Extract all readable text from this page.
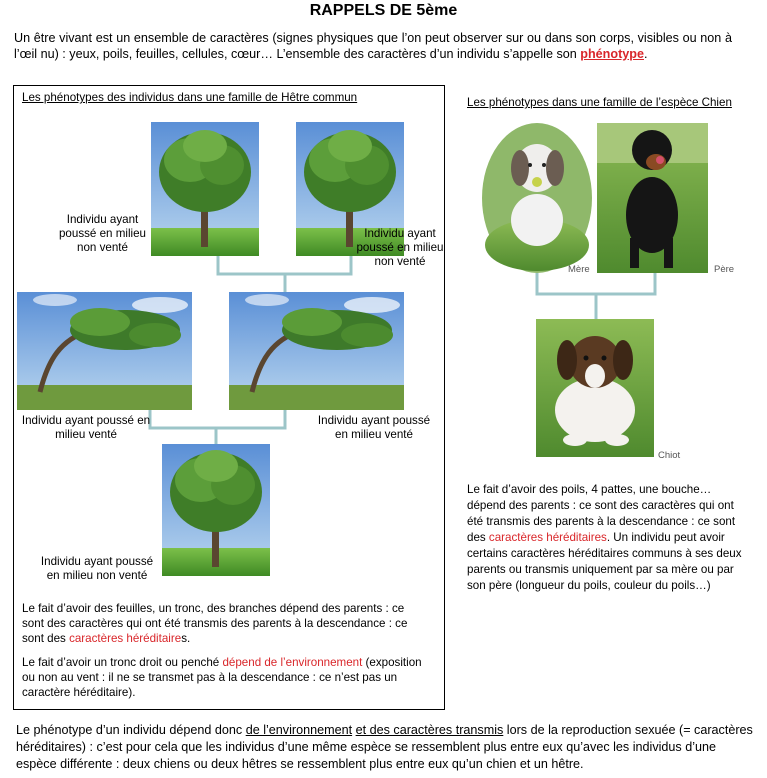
RAPPELS DE 5ème
Un être vivant est un ensemble de caractères (signes physiques que l’on peut observer sur ou dans son corps, visibles ou non à l’œil nu) : yeux, poils, feuilles, cellules, cœur… L’ensemble des caractères d’un individu s’appelle son phénotype.
Les phénotypes des individus dans une famille de Hêtre commun
Individu ayant poussé en milieu non venté
Individu ayant poussé en milieu non venté
Individu ayant poussé en milieu venté
Individu ayant poussé en milieu venté
Individu ayant poussé en milieu non venté
Le fait d’avoir des feuilles, un tronc, des branches dépend des parents : ce sont des caractères qui ont été transmis des parents à la descendance : ce sont des caractères héréditaires.
Le fait d’avoir un tronc droit ou penché dépend de l’environnement (exposition ou non au vent : il ne se transmet pas à la descendance : ce n’est pas un caractère héréditaire).
Les phénotypes dans une famille de l’espèce Chien
Mère	Père
Chiot
Le fait d’avoir des poils, 4 pattes, une bouche… dépend des parents : ce sont des caractères qui ont été transmis des parents à la descendance : ce sont des caractères héréditaires. Un individu peut avoir certains caractères héréditaires communs à ses deux parents ou transmis uniquement par sa mère ou par son père (longueur du poils, couleur du poils…)
Le phénotype d’un individu dépend donc de l’environnement et des caractères transmis lors de la reproduction sexuée (= caractères héréditaires) : c’est pour cela que les individus d’une même espèce se ressemblent plus entre eux qu’avec les individus d’une espèce différente : deux chiens ou deux hêtres se ressemblent plus entre eux qu’un chien et un hêtre.
